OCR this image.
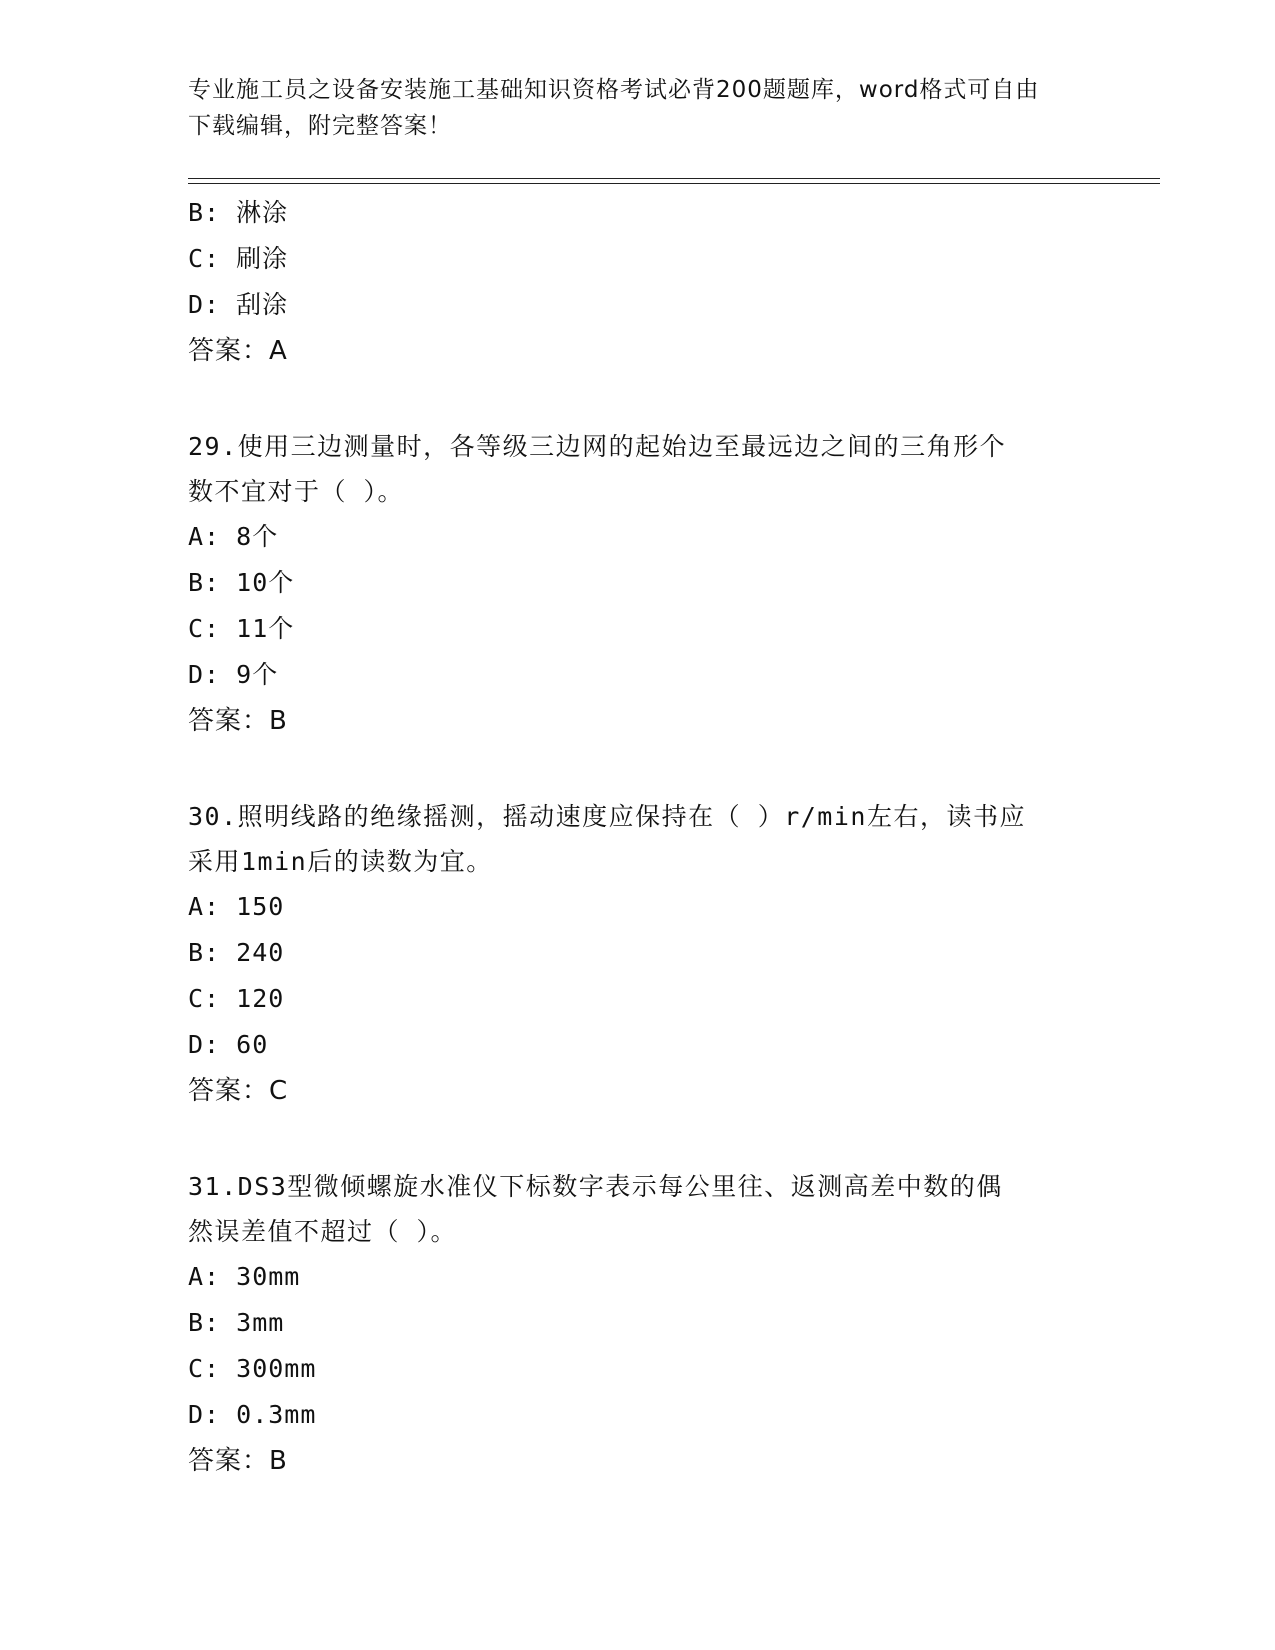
专业施工员之设备安装施工基础知识资格考试必背200题题库，word格式可自由
下载编辑，附完整答案！
B: 淋涂
C: 刷涂
D: 刮涂
答案：A
29.使用三边测量时，各等级三边网的起始边至最远边之间的三角形个
数不宜对于（ ）。
A: 8个
B: 10个
C: 11个
D: 9个
答案：B
30.照明线路的绝缘摇测，摇动速度应保持在（ ）r/min左右，读书应
采用1min后的读数为宜。
A: 150
B: 240
C: 120
D: 60
答案：C
31.DS3型微倾螺旋水准仪下标数字表示每公里往、返测高差中数的偶
然误差值不超过（ ）。
A: 30mm
B: 3mm
C: 300mm
D: 0.3mm
答案：B
